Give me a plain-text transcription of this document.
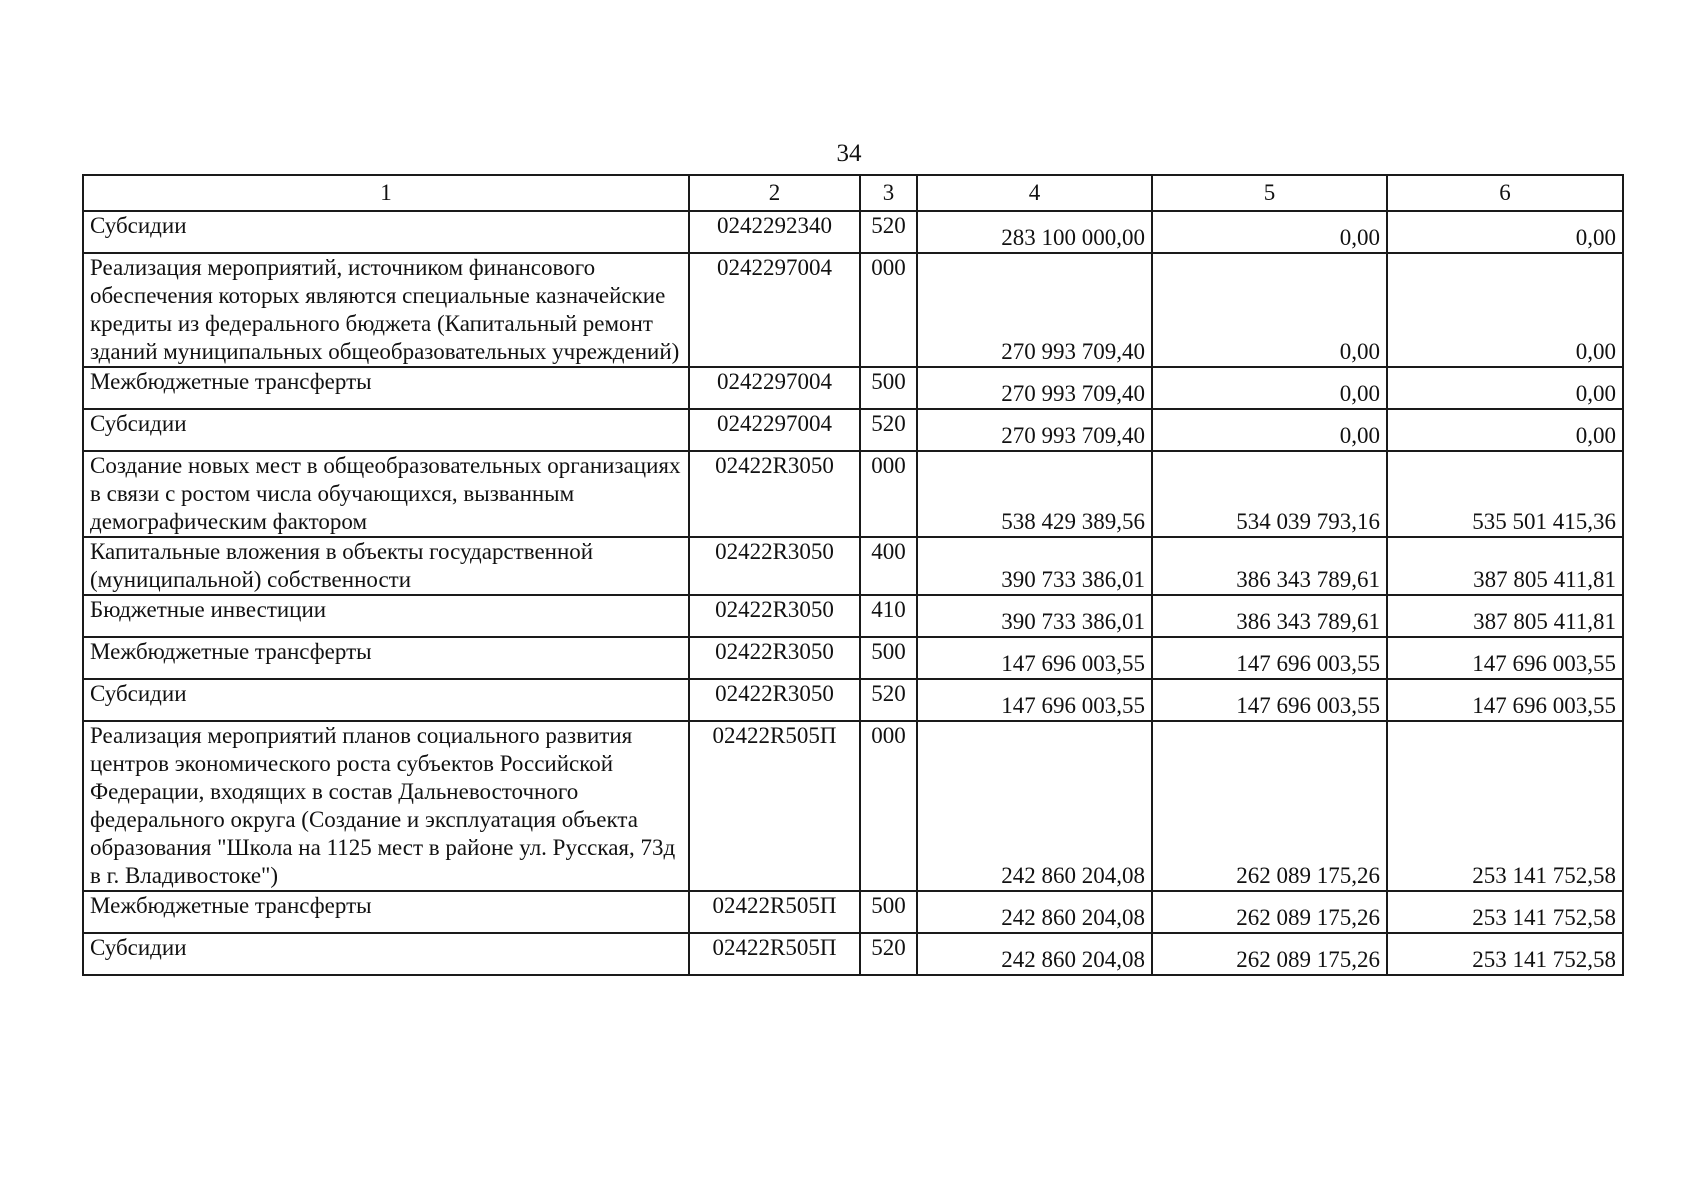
34
1	2	3	4	5	6
Субсидии	0242292340	520	283 100 000,00	0,00	0,00
Реализация мероприятий, источником финансового обеспечения которых являются специальные казначейские кредиты из федерального бюджета (Капитальный ремонт зданий муниципальных общеобразовательных учреждений)	0242297004	000	270 993 709,40	0,00	0,00
Межбюджетные трансферты	0242297004	500	270 993 709,40	0,00	0,00
Субсидии	0242297004	520	270 993 709,40	0,00	0,00
Создание новых мест в общеобразовательных организациях в связи с ростом числа обучающихся, вызванным демографическим фактором	02422R3050	000	538 429 389,56	534 039 793,16	535 501 415,36
Капитальные вложения в объекты государственной (муниципальной) собственности	02422R3050	400	390 733 386,01	386 343 789,61	387 805 411,81
Бюджетные инвестиции	02422R3050	410	390 733 386,01	386 343 789,61	387 805 411,81
Межбюджетные трансферты	02422R3050	500	147 696 003,55	147 696 003,55	147 696 003,55
Субсидии	02422R3050	520	147 696 003,55	147 696 003,55	147 696 003,55
Реализация мероприятий планов социального развития центров экономического роста субъектов Российской Федерации, входящих в состав Дальневосточного федерального округа (Создание и эксплуатация объекта образования "Школа на 1125 мест в районе ул. Русская, 73д в г. Владивостоке")	02422R505П	000	242 860 204,08	262 089 175,26	253 141 752,58
Межбюджетные трансферты	02422R505П	500	242 860 204,08	262 089 175,26	253 141 752,58
Субсидии	02422R505П	520	242 860 204,08	262 089 175,26	253 141 752,58
